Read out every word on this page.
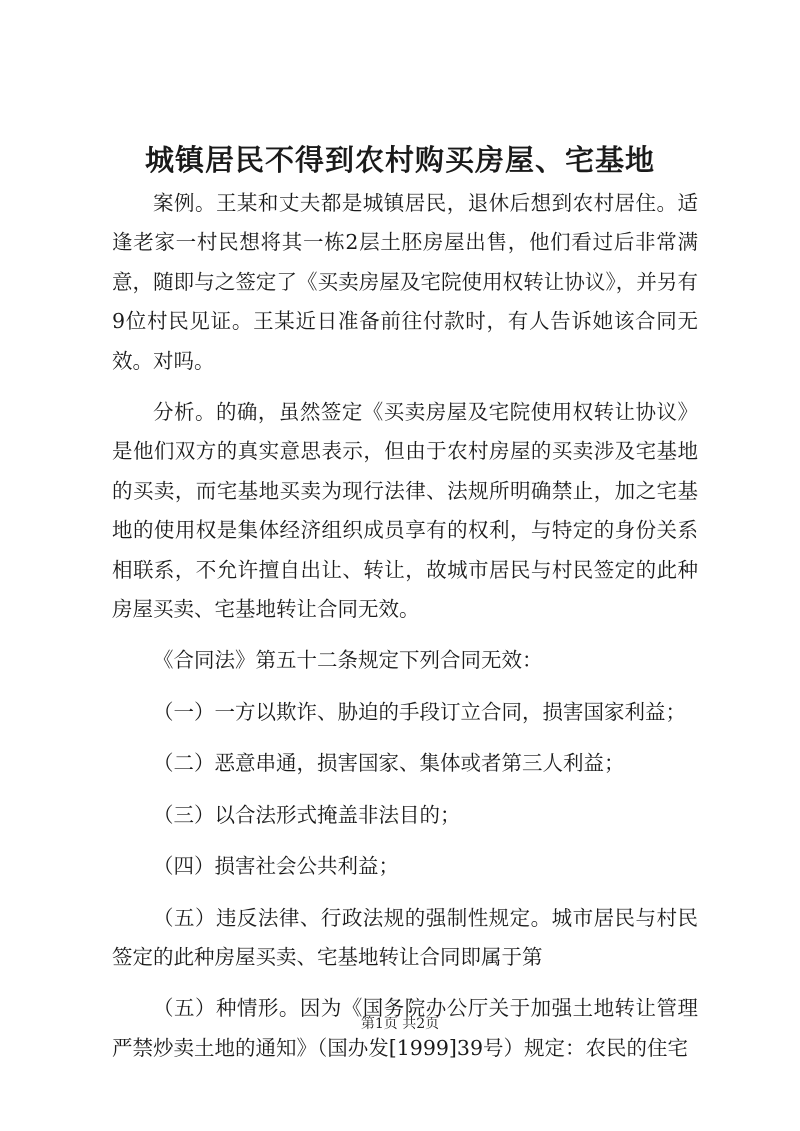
城镇居民不得到农村购买房屋、宅基地

案例。王某和丈夫都是城镇居民，退休后想到农村居住。适逢老家一村民想将其一栋2层土胚房屋出售，他们看过后非常满意，随即与之签定了《买卖房屋及宅院使用权转让协议》，并另有9位村民见证。王某近日准备前往付款时，有人告诉她该合同无效。对吗。

分析。的确，虽然签定《买卖房屋及宅院使用权转让协议》是他们双方的真实意思表示，但由于农村房屋的买卖涉及宅基地的买卖，而宅基地买卖为现行法律、法规所明确禁止，加之宅基地的使用权是集体经济组织成员享有的权利，与特定的身份关系相联系，不允许擅自出让、转让，故城市居民与村民签定的此种房屋买卖、宅基地转让合同无效。

《合同法》第五十二条规定下列合同无效：

（一）一方以欺诈、胁迫的手段订立合同，损害国家利益；

（二）恶意串通，损害国家、集体或者第三人利益；

（三）以合法形式掩盖非法目的；

（四）损害社会公共利益；

（五）违反法律、行政法规的强制性规定。城市居民与村民签定的此种房屋买卖、宅基地转让合同即属于第

（五）种情形。因为《国务院办公厅关于加强土地转让管理严禁炒卖土地的通知》（国办发[1999]39号）规定：农民的住宅

第1页 共2页
